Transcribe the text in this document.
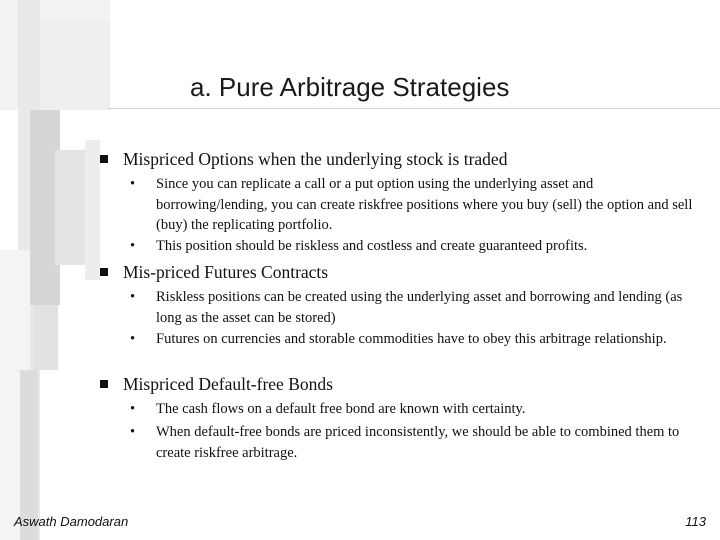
a. Pure Arbitrage Strategies
Mispriced Options when the underlying stock is traded
• Since you can replicate a call or a put option using the underlying asset and borrowing/lending, you can create riskfree positions where you buy (sell) the option and sell (buy) the replicating portfolio.
• This position should be riskless and costless and create guaranteed profits.
Mis-priced Futures Contracts
• Riskless positions can be created using the underlying asset and borrowing and lending (as long as the asset can be stored)
• Futures on currencies and storable commodities have to obey this arbitrage relationship.
Mispriced Default-free Bonds
• The cash flows on a default free bond are known with certainty.
• When default-free bonds are priced inconsistently, we should be able to combined them to create riskfree arbitrage.
Aswath Damodaran	113
